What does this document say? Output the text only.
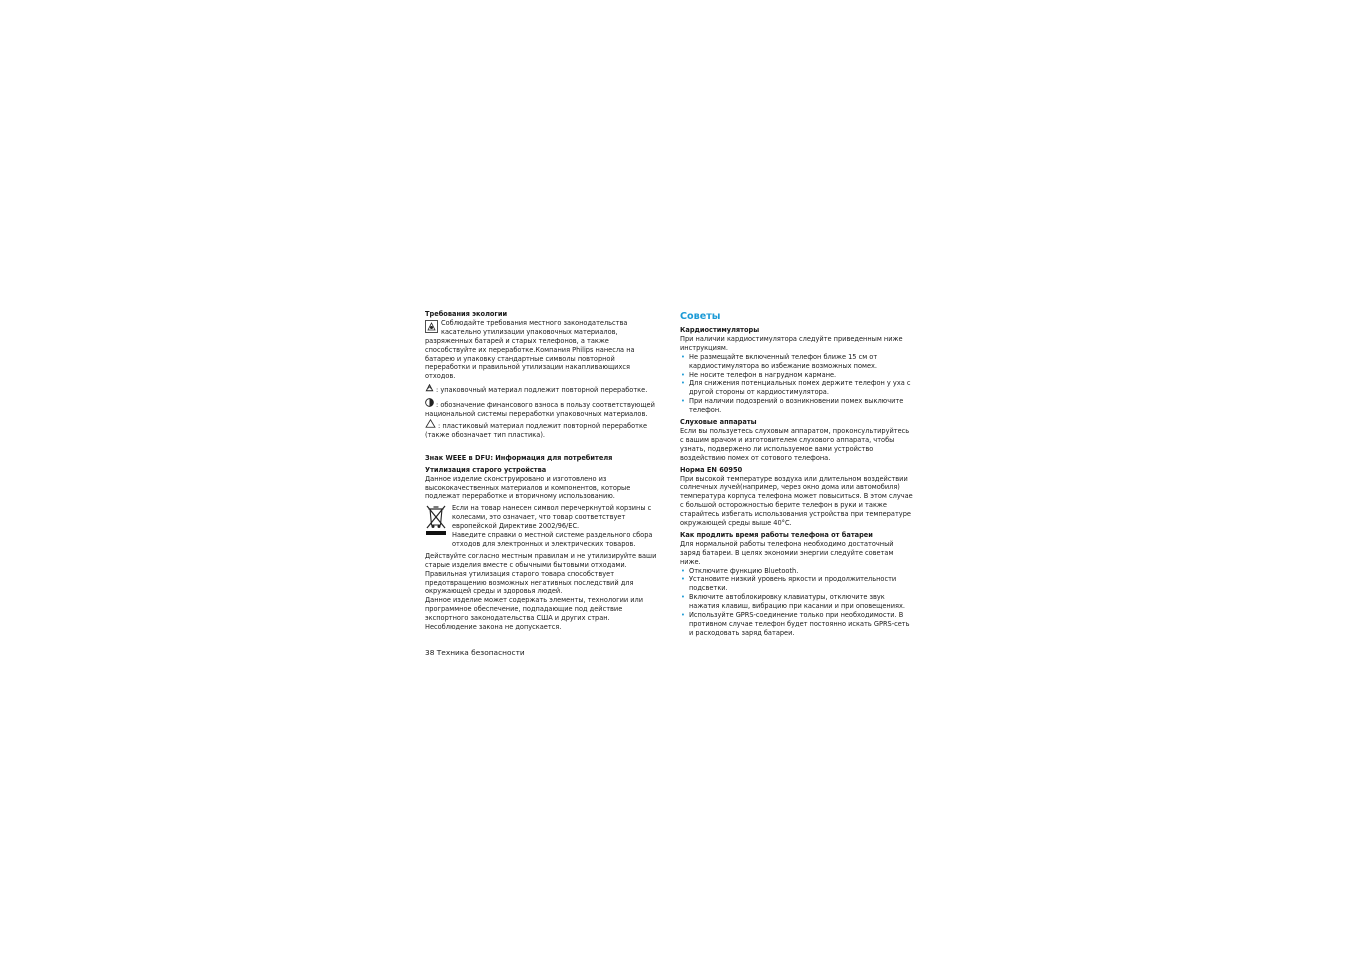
Требования экологии

Соблюдайте требования местного законодательства касательно утилизации упаковочных материалов, разряженных батарей и старых телефонов, а также способствуйте их переработке.Компания Philips нанесла на батарею и упаковку стандартные символы повторной переработки и правильной утилизации накапливающихся отходов.

: упаковочный материал подлежит повторной переработке.

: обозначение финансового взноса в пользу соответствующей национальной системы переработки упаковочных материалов.

: пластиковый материал подлежит повторной переработке (также обозначает тип пластика).

Знак WEEE в DFU: Информация для потребителя

Утилизация старого устройства

Данное изделие сконструировано и изготовлено из высококачественных материалов и компонентов, которые подлежат переработке и вторичному использованию.

Если на товар нанесен символ перечеркнутой корзины с колесами, это означает, что товар соответствует европейской Директиве 2002/96/EC.

Наведите справки о местной системе раздельного сбора отходов для электронных и электрических товаров.

Действуйте согласно местным правилам и не утилизируйте ваши старые изделия вместе с обычными бытовыми отходами. Правильная утилизация старого товара способствует предотвращению возможных негативных последствий для окружающей среды и здоровья людей.

Данное изделие может содержать элементы, технологии или программное обеспечение, подпадающие под действие экспортного законодательства США и других стран. Несоблюдение закона не допускается.

Советы

Кардиостимуляторы

При наличии кардиостимулятора следуйте приведенным ниже инструкциям.

• Не размещайте включенный телефон ближе 15 см от кардиостимулятора во избежание возможных помех.
• Не носите телефон в нагрудном кармане.
• Для снижения потенциальных помех держите телефон у уха с другой стороны от кардиостимулятора.
• При наличии подозрений о возникновении помех выключите телефон.

Слуховые аппараты

Если вы пользуетесь слуховым аппаратом, проконсультируйтесь с вашим врачом и изготовителем слухового аппарата, чтобы узнать, подвержено ли используемое вами устройство воздействию помех от сотового телефона.

Норма EN 60950

При высокой температуре воздуха или длительном воздействии солнечных лучей(например, через окно дома или автомобиля) температура корпуса телефона может повыситься. В этом случае с большой осторожностью берите телефон в руки и также старайтесь избегать использования устройства при температуре окружающей среды выше 40°C.

Как продлить время работы телефона от батареи

Для нормальной работы телефона необходимо достаточный заряд батареи. В целях экономии энергии следуйте советам ниже.

• Отключите функцию Bluetooth.
• Установите низкий уровень яркости и продолжительности подсветки.
• Включите автоблокировку клавиатуры, отключите звук нажатия клавиш, вибрацию при касании и при оповещениях.
• Используйте GPRS-соединение только при необходимости. В противном случае телефон будет постоянно искать GPRS-сеть и расходовать заряд батареи.
38 Техника безопасности
